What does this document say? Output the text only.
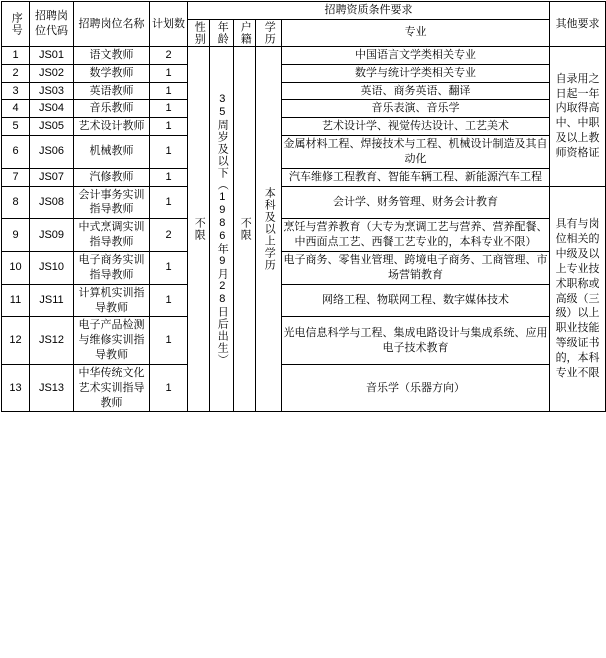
序号	招聘岗位代码	招聘岗位名称	计划数	招聘资质条件要求					其他要求

				性别	年龄	户籍	学历	专业	
1	JS01	语文教师	2	不限	35周岁及以下（1986年9月28日后出生）	不限	本科及以上学历	中国语言文学类相关专业	自录用之日起一年内取得高中、中职及以上教师资格证
2	JS02	数学教师	1					数学与统计学类相关专业	
3	JS03	英语教师	1					英语、商务英语、翻译	
4	JS04	音乐教师	1					音乐表演、音乐学	
5	JS05	艺术设计教师	1					艺术设计学、视觉传达设计、工艺美术	
6	JS06	机械教师	1					金属材料工程、焊接技术与工程、机械设计制造及其自动化	
7	JS07	汽修教师	1					汽车维修工程教育、智能车辆工程、新能源汽车工程	
8	JS08	会计事务实训指导教师	1					会计学、财务管理、财务会计教育	具有与岗位相关的中级及以上专业技术职称或高级（三级）以上职业技能等级证书的，本科专业不限
9	JS09	中式烹调实训指导教师	2					烹饪与营养教育（大专为烹调工艺与营养、营养配餐、中西面点工艺、西餐工艺专业的，本科专业不限）	
10	JS10	电子商务实训指导教师	1					电子商务、零售业管理、跨境电子商务、工商管理、市场营销教育	
11	JS11	计算机实训指导教师	1					网络工程、物联网工程、数字媒体技术	
12	JS12	电子产品检测与维修实训指导教师	1					光电信息科学与工程、集成电路设计与集成系统、应用电子技术教育	
13	JS13	中华传统文化艺术实训指导教师	1					音乐学（乐器方向）	
